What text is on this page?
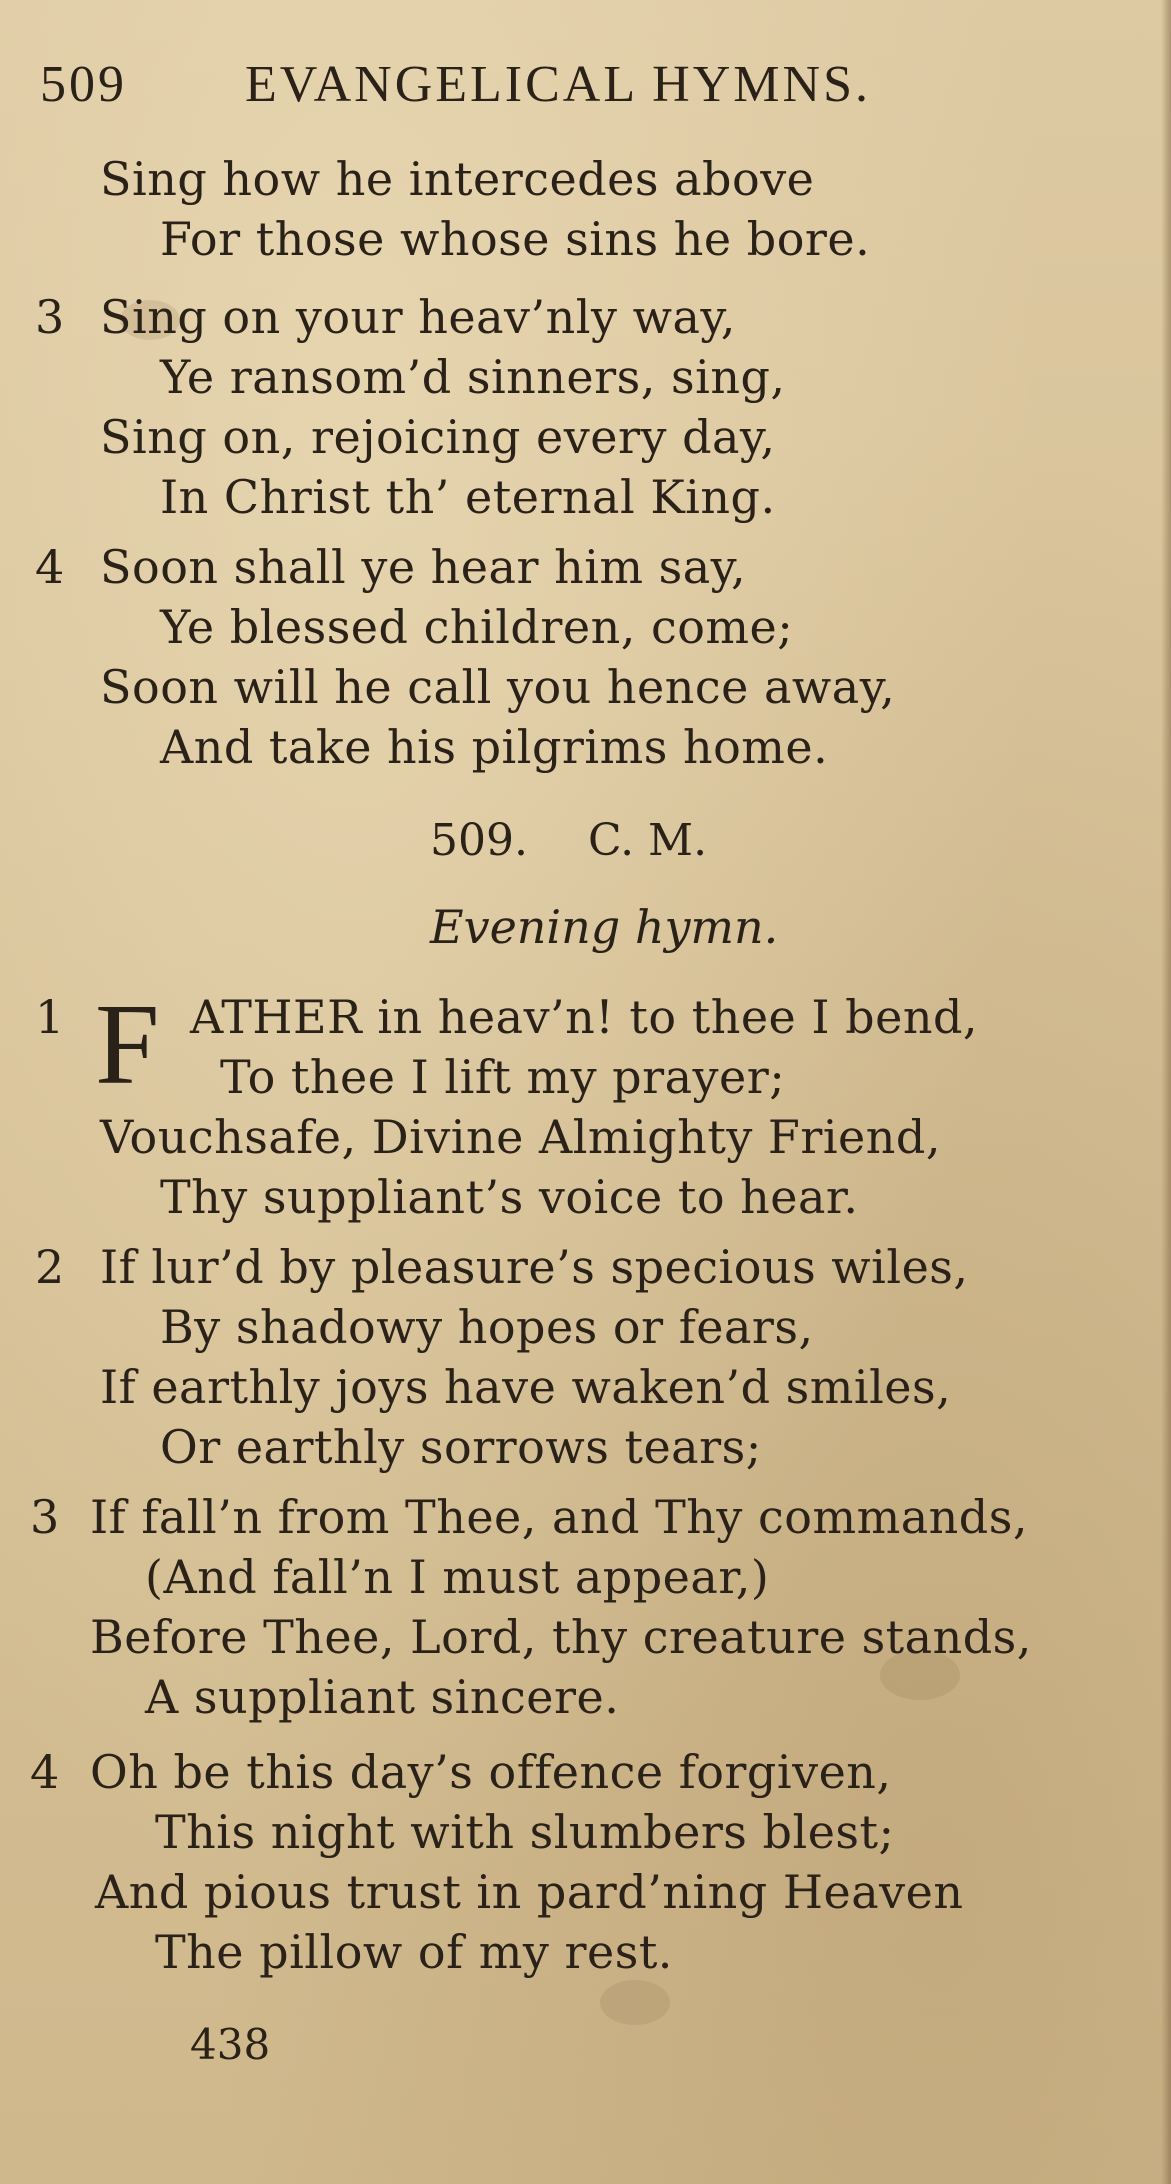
509 EVANGELICAL HYMNS.
Sing how he intercedes above
For those whose sins he bore.
3 Sing on your heav’nly way,
Ye ransom’d sinners, sing,
Sing on, rejoicing every day,
In Christ th’ eternal King.
4 Soon shall ye hear him say,
Ye blessed children, come;
Soon will he call you hence away,
And take his pilgrims home.
509. C. M.
Evening hymn.
1 F ATHER in heav’n! to thee I bend,
To thee I lift my prayer;
Vouchsafe, Divine Almighty Friend,
Thy suppliant’s voice to hear.
2 If lur’d by pleasure’s specious wiles,
By shadowy hopes or fears,
If earthly joys have waken’d smiles,
Or earthly sorrows tears;
3 If fall’n from Thee, and Thy commands,
(And fall’n I must appear,)
Before Thee, Lord, thy creature stands,
A suppliant sincere.
4 Oh be this day’s offence forgiven,
This night with slumbers blest;
And pious trust in pard’ning Heaven
The pillow of my rest.
438
